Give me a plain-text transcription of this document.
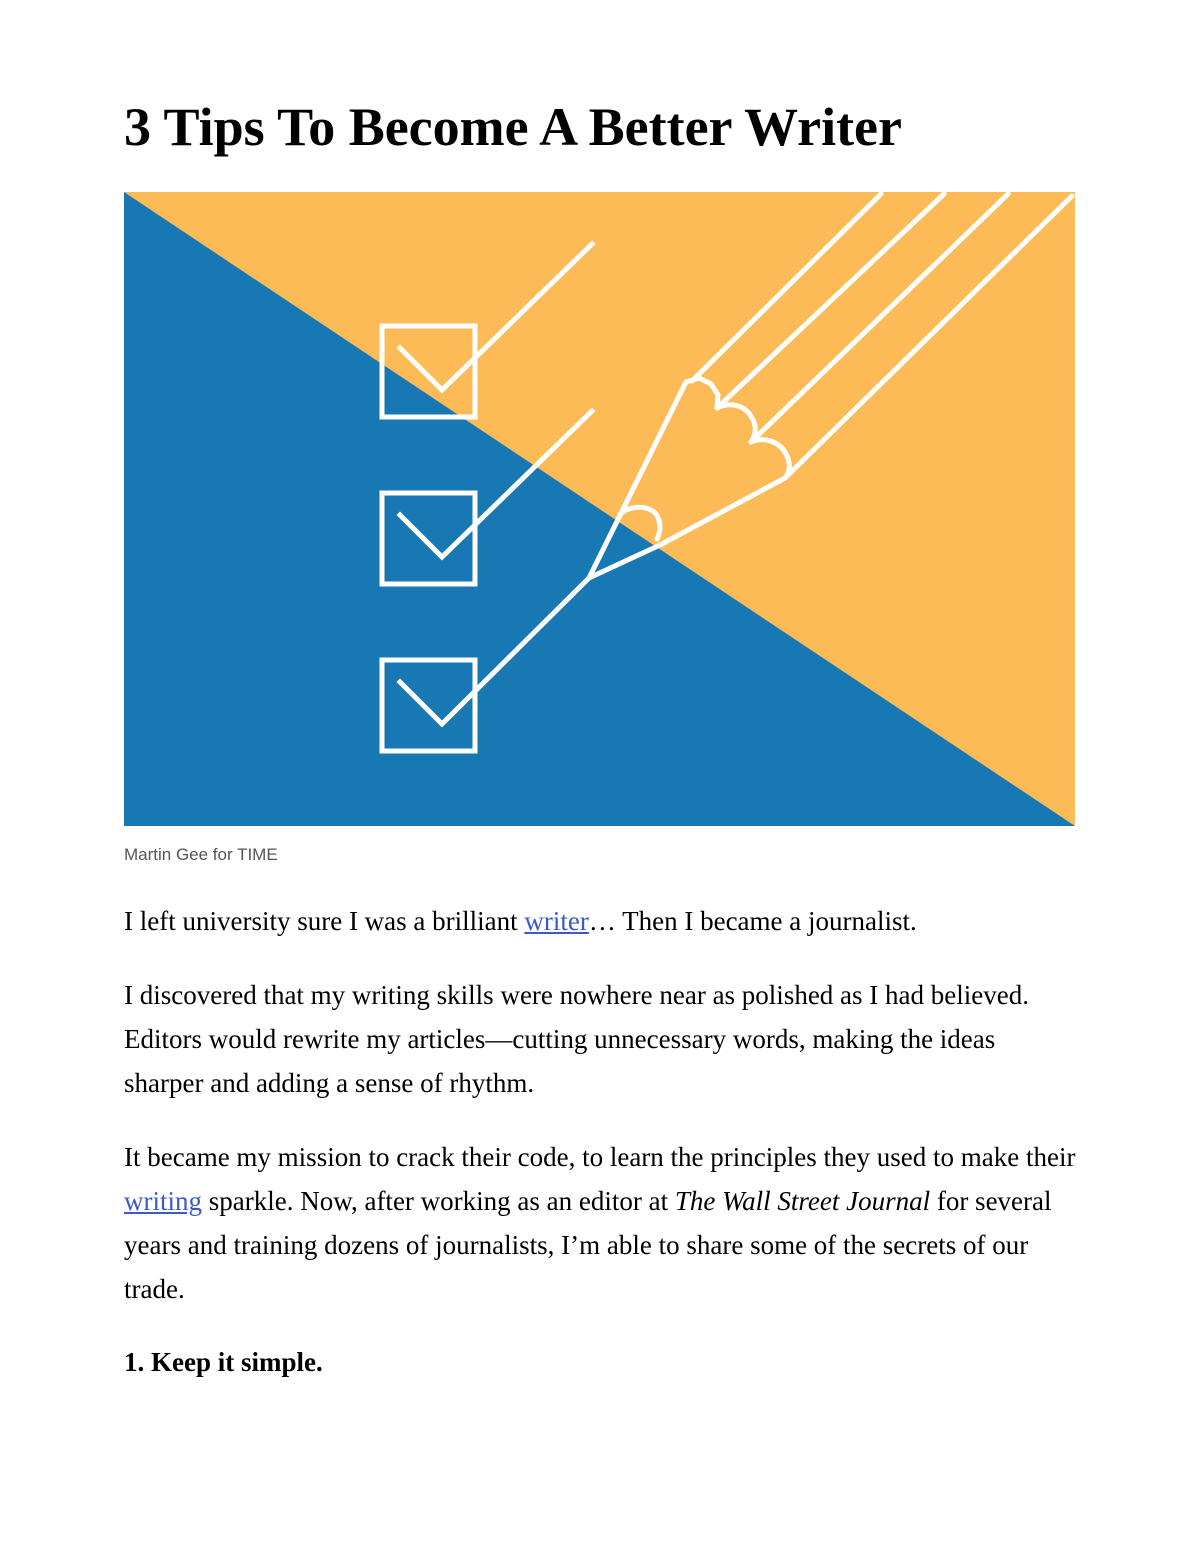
3 Tips To Become A Better Writer
Martin Gee for TIME

I left university sure I was a brilliant writer… Then I became a journalist.

I discovered that my writing skills were nowhere near as polished as I had believed. Editors would rewrite my articles—cutting unnecessary words, making the ideas sharper and adding a sense of rhythm.

It became my mission to crack their code, to learn the principles they used to make their writing sparkle. Now, after working as an editor at The Wall Street Journal for several years and training dozens of journalists, I’m able to share some of the secrets of our trade.

1. Keep it simple.
